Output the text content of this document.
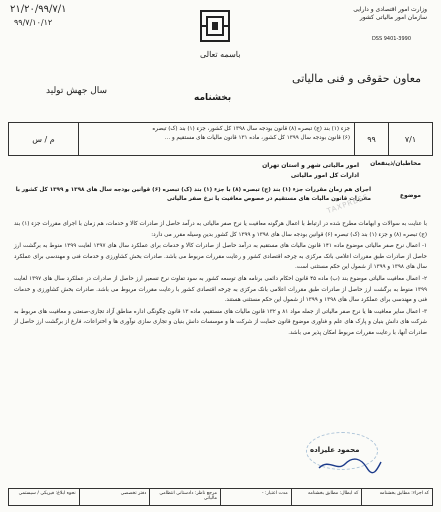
۲۱/۲۰/۹۹/۷/۱
۹۹/۷/۱۰/۱۲
وزارت امور اقتصادی و دارایی
سازمان امور مالیاتی کشور
DSS 9401-3990
باسمه تعالی
معاون حقوقی و فنی مالیاتی
سال جهش تولید
بخشنامه
۷/۱
۹۹
جزء (۱) بند (ج) تبصره (۸) قانون بودجه سال ۱۳۹۸ کل کشور، جزء (۱) بند (ک) تبصره
(۶) قانون بودجه سال ۱۳۹۹ کل کشور، ماده ۱۳۱ قانون مالیات های مستقیم و ...
م / س
مخاطبان/ذینفعان
امور مالیاتی شهر و استان تهران
ادارات کل امور مالیاتی
موضوع
اجرای هم زمان مقررات جزء (۱) بند (ج) تبصره (۸) با جزء (۱) بند (ک) تبصره (۶) قوانین بودجه سال های ۱۳۹۸ و ۱۳۹۹ کل کشور با مقررات قانون مالیات های مستقیم در خصوص معافیت یا نرخ صفر مالیاتی
TAXPRESS

با عنایت به سوالات و ابهامات مطرح شده در ارتباط با اعمال هرگونه معافیت یا نرخ صفر مالیاتی به درآمد حاصل از صادرات کالا و خدمات، هم زمان با اجرای مقررات جزء (۱) بند (ج) تبصره (۸) و جزء (۱) بند (ک) تبصره (۶) قوانین بودجه سال های ۱۳۹۸ و ۱۳۹۹ کل کشور بدین وسیله مقرر می دارد:

۱- اعمال نرخ صفر مالیاتی موضوع ماده ۱۴۱ قانون مالیات های مستقیم به درآمد حاصل از صادرات کالا و خدمات برای عملکرد سال های ۱۳۹۷ لغایت ۱۳۹۹ منوط به برگشت ارز حاصل از صادرات طبق مقررات اعلامی بانک مرکزی به چرخه اقتصادی کشور و رعایت مقررات مربوط می باشد. صادرات بخش کشاورزی و خدمات فنی و مهندسی برای عملکرد سال های ۱۳۹۸ و ۱۳۹۹ از شمول این حکم مستثنی است.

۲- اعمال معافیت مالیاتی موضوع بند (ب) ماده ۴۵ قانون احکام دائمی برنامه های توسعه کشور به سود تفاوت نرخ تسعیر ارز حاصل از صادرات در عملکرد سال های ۱۳۹۷ لغایت ۱۳۹۹ منوط به برگشت ارز حاصل از صادرات طبق مقررات اعلامی بانک مرکزی به چرخه اقتصادی کشور با رعایت مقررات مربوط می باشد. صادرات بخش کشاورزی و خدمات فنی و مهندسی برای عملکرد سال های ۱۳۹۸ و ۱۳۹۹ از شمول این حکم مستثنی هستند.

۳- اعمال سایر معافیت ها یا نرخ صفر مالیاتی از جمله مواد ۸۱ و ۱۳۲ قانون مالیات های مستقیم، ماده ۱۳ قانون چگونگی اداره مناطق آزاد تجاری-صنعتی و معافیت های مربوط به شرکت های دانش بنیان و پارک های علم و فناوری موضوع قانون حمایت از شرکت ها و موسسات دانش بنیان و تجاری سازی نوآوری ها و اختراعات، فارغ از برگشت ارز حاصل از صادرات آنها، با رعایت مقررات مربوط امکان پذیر می باشد.

محمود علیزاده
کد اجراء: مطابق بخشنامه
کد ابطال: مطابق بخشنامه
مدت اعتبار: -
مرجع ناظر: دادستانی انتظامی مالیاتی
دفتر تخصصی
نحوه ابلاغ: فیزیکی / سیستمی
